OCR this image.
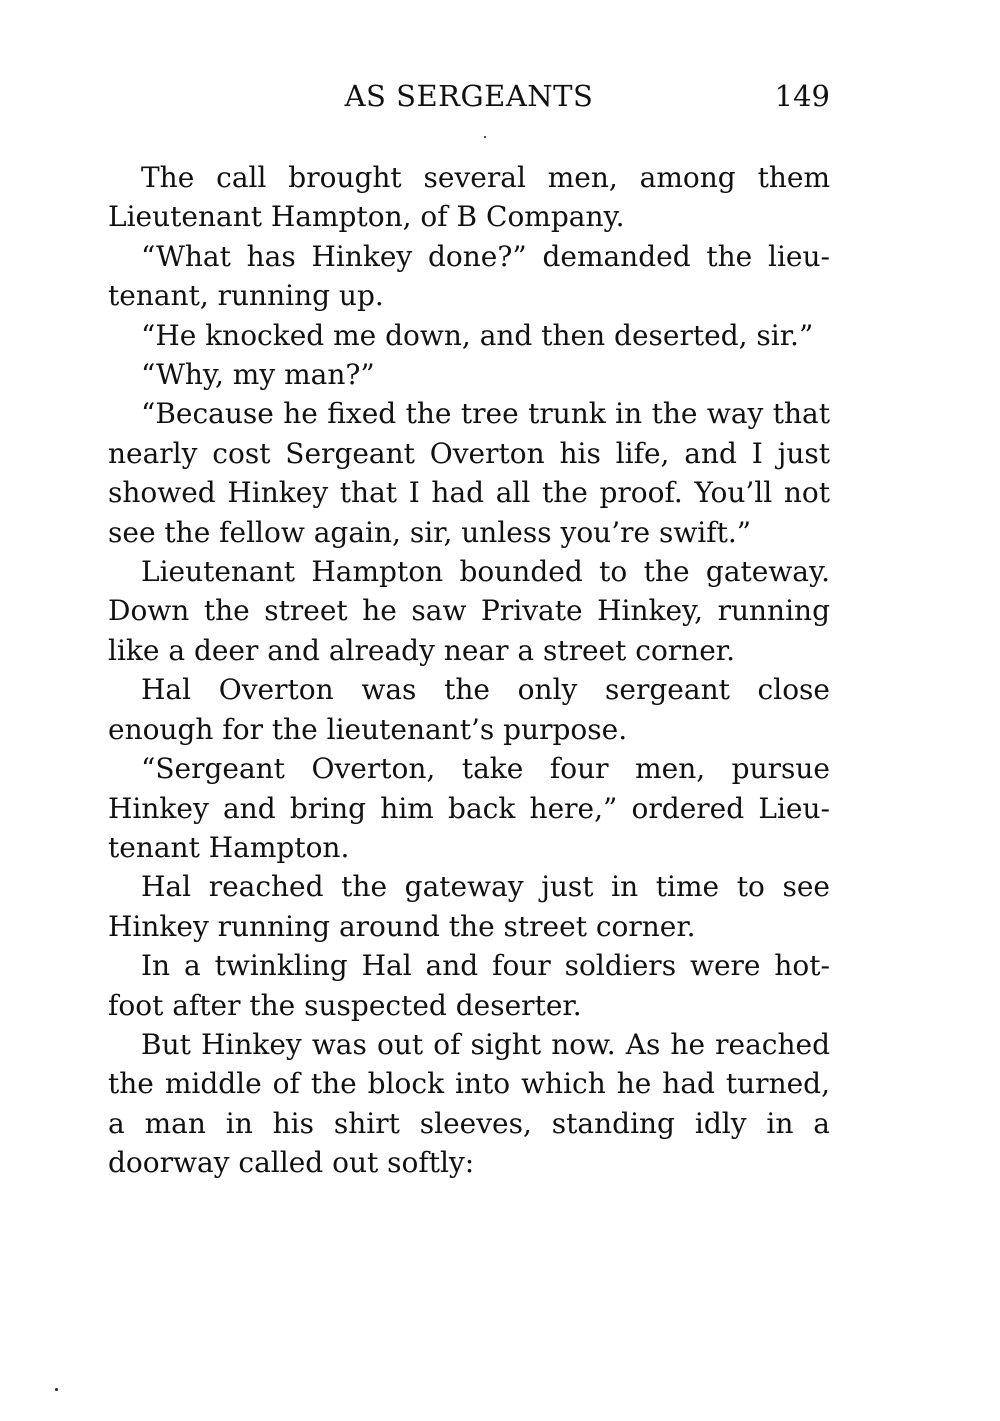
AS SERGEANTS	149

The call brought several men, among them Lieutenant Hampton, of B Company.

“What has Hinkey done?” demanded the lieutenant, running up.

“He knocked me down, and then deserted, sir.”

“Why, my man?”

“Because he fixed the tree trunk in the way that nearly cost Sergeant Overton his life, and I just showed Hinkey that I had all the proof. You’ll not see the fellow again, sir, unless you’re swift.”

Lieutenant Hampton bounded to the gateway. Down the street he saw Private Hinkey, running like a deer and already near a street corner.

Hal Overton was the only sergeant close enough for the lieutenant’s purpose.

“Sergeant Overton, take four men, pursue Hinkey and bring him back here,” ordered Lieutenant Hampton.

Hal reached the gateway just in time to see Hinkey running around the street corner.

In a twinkling Hal and four soldiers were hotfoot after the suspected deserter.

But Hinkey was out of sight now. As he reached the middle of the block into which he had turned, a man in his shirt sleeves, standing idly in a doorway called out softly:
